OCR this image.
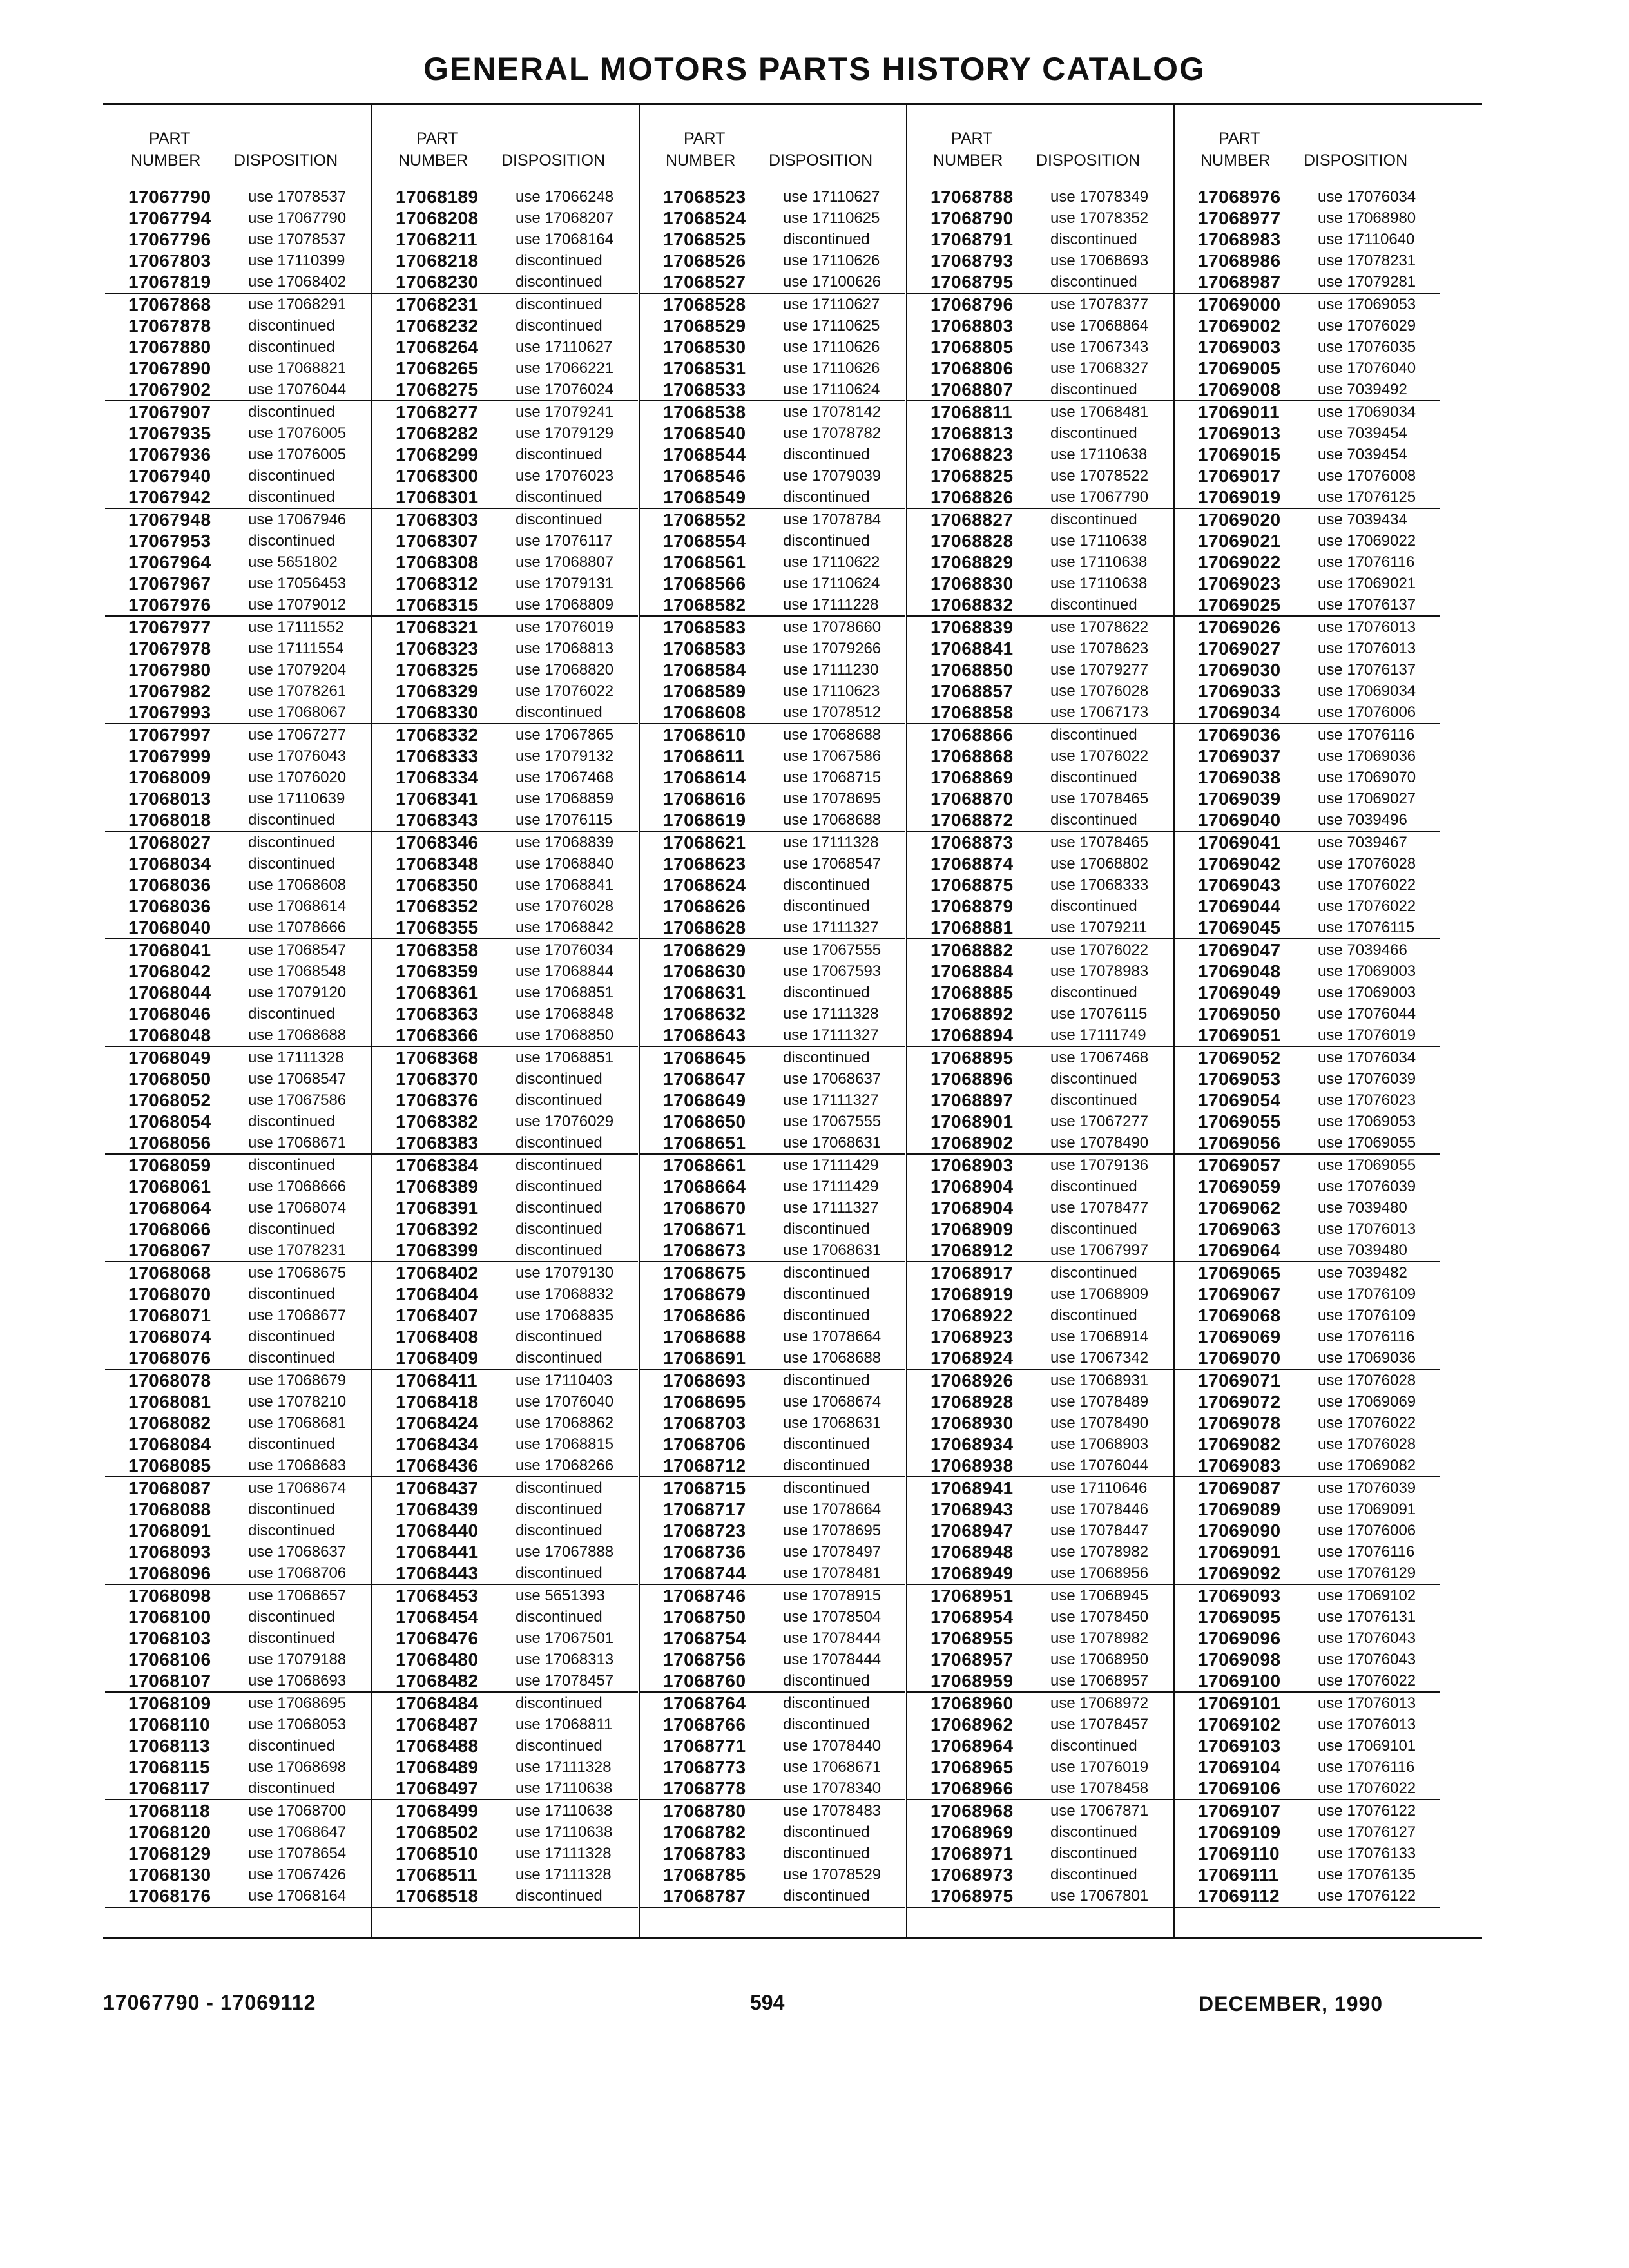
GENERAL MOTORS PARTS HISTORY CATALOG
PART
NUMBER DISPOSITION
17067790 use 17078537
17067794 use 17067790
17067796 use 17078537
17067803 use 17110399
17067819 use 17068402
17067868 use 17068291
17067878 discontinued
17067880 discontinued
17067890 use 17068821
17067902 use 17076044
17067907 discontinued
17067935 use 17076005
17067936 use 17076005
17067940 discontinued
17067942 discontinued
17067948 use 17067946
17067953 discontinued
17067964 use 5651802
17067967 use 17056453
17067976 use 17079012
17067977 use 17111552
17067978 use 17111554
17067980 use 17079204
17067982 use 17078261
17067993 use 17068067
17067997 use 17067277
17067999 use 17076043
17068009 use 17076020
17068013 use 17110639
17068018 discontinued
17068027 discontinued
17068034 discontinued
17068036 use 17068608
17068036 use 17068614
17068040 use 17078666
17068041 use 17068547
17068042 use 17068548
17068044 use 17079120
17068046 discontinued
17068048 use 17068688
17068049 use 17111328
17068050 use 17068547
17068052 use 17067586
17068054 discontinued
17068056 use 17068671
17068059 discontinued
17068061 use 17068666
17068064 use 17068074
17068066 discontinued
17068067 use 17078231
17068068 use 17068675
17068070 discontinued
17068071 use 17068677
17068074 discontinued
17068076 discontinued
17068078 use 17068679
17068081 use 17078210
17068082 use 17068681
17068084 discontinued
17068085 use 17068683
17068087 use 17068674
17068088 discontinued
17068091 discontinued
17068093 use 17068637
17068096 use 17068706
17068098 use 17068657
17068100 discontinued
17068103 discontinued
17068106 use 17079188
17068107 use 17068693
17068109 use 17068695
17068110 use 17068053
17068113 discontinued
17068115 use 17068698
17068117 discontinued
17068118 use 17068700
17068120 use 17068647
17068129 use 17078654
17068130 use 17067426
17068176 use 17068164
PART
NUMBER DISPOSITION
17068189 use 17066248
17068208 use 17068207
17068211 use 17068164
17068218 discontinued
17068230 discontinued
17068231 discontinued
17068232 discontinued
17068264 use 17110627
17068265 use 17066221
17068275 use 17076024
17068277 use 17079241
17068282 use 17079129
17068299 discontinued
17068300 use 17076023
17068301 discontinued
17068303 discontinued
17068307 use 17076117
17068308 use 17068807
17068312 use 17079131
17068315 use 17068809
17068321 use 17076019
17068323 use 17068813
17068325 use 17068820
17068329 use 17076022
17068330 discontinued
17068332 use 17067865
17068333 use 17079132
17068334 use 17067468
17068341 use 17068859
17068343 use 17076115
17068346 use 17068839
17068348 use 17068840
17068350 use 17068841
17068352 use 17076028
17068355 use 17068842
17068358 use 17076034
17068359 use 17068844
17068361 use 17068851
17068363 use 17068848
17068366 use 17068850
17068368 use 17068851
17068370 discontinued
17068376 discontinued
17068382 use 17076029
17068383 discontinued
17068384 discontinued
17068389 discontinued
17068391 discontinued
17068392 discontinued
17068399 discontinued
17068402 use 17079130
17068404 use 17068832
17068407 use 17068835
17068408 discontinued
17068409 discontinued
17068411 use 17110403
17068418 use 17076040
17068424 use 17068862
17068434 use 17068815
17068436 use 17068266
17068437 discontinued
17068439 discontinued
17068440 discontinued
17068441 use 17067888
17068443 discontinued
17068453 use 5651393
17068454 discontinued
17068476 use 17067501
17068480 use 17068313
17068482 use 17078457
17068484 discontinued
17068487 use 17068811
17068488 discontinued
17068489 use 17111328
17068497 use 17110638
17068499 use 17110638
17068502 use 17110638
17068510 use 17111328
17068511 use 17111328
17068518 discontinued
PART
NUMBER DISPOSITION
17068523 use 17110627
17068524 use 17110625
17068525 discontinued
17068526 use 17110626
17068527 use 17100626
17068528 use 17110627
17068529 use 17110625
17068530 use 17110626
17068531 use 17110626
17068533 use 17110624
17068538 use 17078142
17068540 use 17078782
17068544 discontinued
17068546 use 17079039
17068549 discontinued
17068552 use 17078784
17068554 discontinued
17068561 use 17110622
17068566 use 17110624
17068582 use 17111228
17068583 use 17078660
17068583 use 17079266
17068584 use 17111230
17068589 use 17110623
17068608 use 17078512
17068610 use 17068688
17068611 use 17067586
17068614 use 17068715
17068616 use 17078695
17068619 use 17068688
17068621 use 17111328
17068623 use 17068547
17068624 discontinued
17068626 discontinued
17068628 use 17111327
17068629 use 17067555
17068630 use 17067593
17068631 discontinued
17068632 use 17111328
17068643 use 17111327
17068645 discontinued
17068647 use 17068637
17068649 use 17111327
17068650 use 17067555
17068651 use 17068631
17068661 use 17111429
17068664 use 17111429
17068670 use 17111327
17068671 discontinued
17068673 use 17068631
17068675 discontinued
17068679 discontinued
17068686 discontinued
17068688 use 17078664
17068691 use 17068688
17068693 discontinued
17068695 use 17068674
17068703 use 17068631
17068706 discontinued
17068712 discontinued
17068715 discontinued
17068717 use 17078664
17068723 use 17078695
17068736 use 17078497
17068744 use 17078481
17068746 use 17078915
17068750 use 17078504
17068754 use 17078444
17068756 use 17078444
17068760 discontinued
17068764 discontinued
17068766 discontinued
17068771 use 17078440
17068773 use 17068671
17068778 use 17078340
17068780 use 17078483
17068782 discontinued
17068783 discontinued
17068785 use 17078529
17068787 discontinued
PART
NUMBER DISPOSITION
17068788 use 17078349
17068790 use 17078352
17068791 discontinued
17068793 use 17068693
17068795 discontinued
17068796 use 17078377
17068803 use 17068864
17068805 use 17067343
17068806 use 17068327
17068807 discontinued
17068811 use 17068481
17068813 discontinued
17068823 use 17110638
17068825 use 17078522
17068826 use 17067790
17068827 discontinued
17068828 use 17110638
17068829 use 17110638
17068830 use 17110638
17068832 discontinued
17068839 use 17078622
17068841 use 17078623
17068850 use 17079277
17068857 use 17076028
17068858 use 17067173
17068866 discontinued
17068868 use 17076022
17068869 discontinued
17068870 use 17078465
17068872 discontinued
17068873 use 17078465
17068874 use 17068802
17068875 use 17068333
17068879 discontinued
17068881 use 17079211
17068882 use 17076022
17068884 use 17078983
17068885 discontinued
17068892 use 17076115
17068894 use 17111749
17068895 use 17067468
17068896 discontinued
17068897 discontinued
17068901 use 17067277
17068902 use 17078490
17068903 use 17079136
17068904 discontinued
17068904 use 17078477
17068909 discontinued
17068912 use 17067997
17068917 discontinued
17068919 use 17068909
17068922 discontinued
17068923 use 17068914
17068924 use 17067342
17068926 use 17068931
17068928 use 17078489
17068930 use 17078490
17068934 use 17068903
17068938 use 17076044
17068941 use 17110646
17068943 use 17078446
17068947 use 17078447
17068948 use 17078982
17068949 use 17068956
17068951 use 17068945
17068954 use 17078450
17068955 use 17078982
17068957 use 17068950
17068959 use 17068957
17068960 use 17068972
17068962 use 17078457
17068964 discontinued
17068965 use 17076019
17068966 use 17078458
17068968 use 17067871
17068969 discontinued
17068971 discontinued
17068973 discontinued
17068975 use 17067801
PART
NUMBER DISPOSITION
17068976 use 17076034
17068977 use 17068980
17068983 use 17110640
17068986 use 17078231
17068987 use 17079281
17069000 use 17069053
17069002 use 17076029
17069003 use 17076035
17069005 use 17076040
17069008 use 7039492
17069011 use 17069034
17069013 use 7039454
17069015 use 7039454
17069017 use 17076008
17069019 use 17076125
17069020 use 7039434
17069021 use 17069022
17069022 use 17076116
17069023 use 17069021
17069025 use 17076137
17069026 use 17076013
17069027 use 17076013
17069030 use 17076137
17069033 use 17069034
17069034 use 17076006
17069036 use 17076116
17069037 use 17069036
17069038 use 17069070
17069039 use 17069027
17069040 use 7039496
17069041 use 7039467
17069042 use 17076028
17069043 use 17076022
17069044 use 17076022
17069045 use 17076115
17069047 use 7039466
17069048 use 17069003
17069049 use 17069003
17069050 use 17076044
17069051 use 17076019
17069052 use 17076034
17069053 use 17076039
17069054 use 17076023
17069055 use 17069053
17069056 use 17069055
17069057 use 17069055
17069059 use 17076039
17069062 use 7039480
17069063 use 17076013
17069064 use 7039480
17069065 use 7039482
17069067 use 17076109
17069068 use 17076109
17069069 use 17076116
17069070 use 17069036
17069071 use 17076028
17069072 use 17069069
17069078 use 17076022
17069082 use 17076028
17069083 use 17069082
17069087 use 17076039
17069089 use 17069091
17069090 use 17076006
17069091 use 17076116
17069092 use 17076129
17069093 use 17069102
17069095 use 17076131
17069096 use 17076043
17069098 use 17076043
17069100 use 17076022
17069101 use 17076013
17069102 use 17076013
17069103 use 17069101
17069104 use 17076116
17069106 use 17076022
17069107 use 17076122
17069109 use 17076127
17069110 use 17076133
17069111	use 17076135
17069112 use 17076122
17067790 - 17069112	594	DECEMBER, 1990
